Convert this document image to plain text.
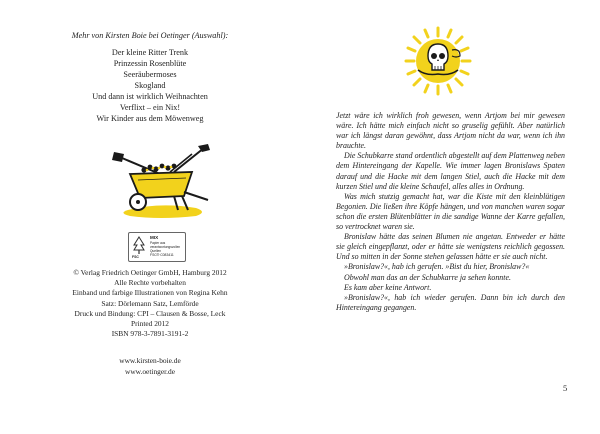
Mehr von Kirsten Boie bei Oetinger (Auswahl):
Der kleine Ritter Trenk
Prinzessin Rosenblüte
Seeräubermoses
Skogland
Und dann ist wirklich Weihnachten
Verflixt – ein Nix!
Wir Kinder aus dem Möwenweg
MIX
Papier aus verantwortungsvollen Quellen
FSC® C083411
FSC
© Verlag Friedrich Oetinger GmbH, Hamburg 2012
Alle Rechte vorbehalten
Einband und farbige Illustrationen von Regina Kehn
Satz: Dörlemann Satz, Lemförde
Druck und Bindung: CPI – Clausen & Bosse, Leck
Printed 2012
ISBN 978-3-7891-3191-2
www.kirsten-boie.de
www.oetinger.de

Jetzt wäre ich wirklich froh gewesen, wenn Artjom bei mir gewesen wäre. Ich hätte mich einfach nicht so gruselig gefühlt. Aber natürlich war ich längst daran gewöhnt, dass Artjom nicht da war, wenn ich ihn brauchte.

Die Schubkarre stand ordentlich abgestellt auf dem Plattenweg neben dem Hintereingang der Kapelle. Wie immer lagen Bronislaws Spaten darauf und die Hacke mit dem langen Stiel, auch die Hacke mit dem kurzen Stiel und die kleine Schaufel, alles alles in Ordnung.

Was mich stutzig gemacht hat, war die Kiste mit den kleinblütigen Begonien. Die ließen ihre Köpfe hängen, und von manchen waren sogar schon die ersten Blütenblätter in die sandige Wanne der Karre gefallen, so vertrocknet waren sie.

Bronislaw hätte das seinen Blumen nie angetan. Entweder er hätte sie gleich eingepflanzt, oder er hätte sie wenigstens reichlich gegossen. Und so mitten in der Sonne stehen gelassen hätte er sie auch nicht.

»Bronislaw?«, hab ich gerufen. »Bist du hier, Bronislaw?«

Obwohl man das an der Schubkarre ja sehen konnte.

Es kam aber keine Antwort.

»Bronislaw?«, hab ich wieder gerufen. Dann bin ich durch den Hintereingang gegangen.

5
